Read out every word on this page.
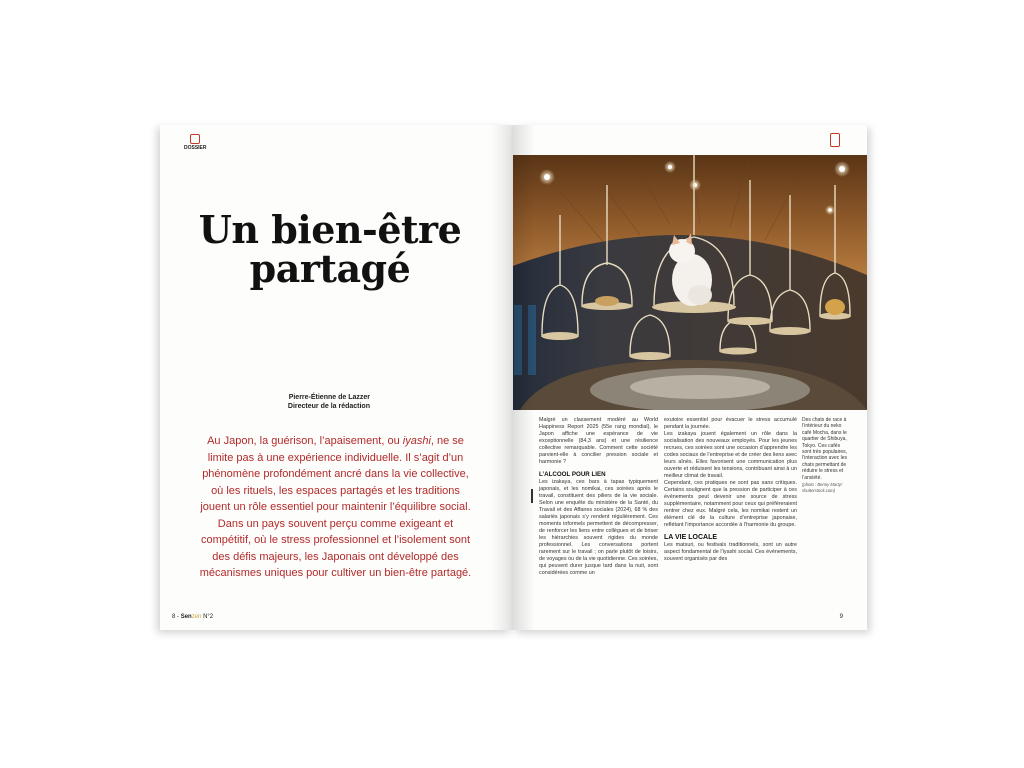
DOSSIER
Un bien-être
partagé
Pierre-Étienne de Lazzer
Directeur de la rédaction

Au Japon, la guérison, l’apaisement, ou iyashi, ne se limite pas à une expérience individuelle. Il s’agit d’un phénomène profondément ancré dans la vie collective, où les rituels, les espaces partagés et les traditions jouent un rôle essentiel pour maintenir l’équilibre social. Dans un pays souvent perçu comme exigeant et compétitif, où le stress professionnel et l’isolement sont des défis majeurs, les Japonais ont développé des mécanismes uniques pour cultiver un bien-être partagé.

8 - Senzen N°2

Malgré un classement modéré au World Happiness Report 2025 (55e rang mondial), le Japon affiche une espérance de vie exceptionnelle (84,3 ans) et une résilience collective remarquable. Comment cette société parvient-elle à concilier pression sociale et harmonie ?

L’ALCOOL POUR LIEN

Les izakaya, ces bars à tapas typiquement japonais, et les nomikai, ces soirées après le travail, constituent des piliers de la vie sociale. Selon une enquête du ministère de la Santé, du Travail et des Affaires sociales (2024), 68 % des salariés japonais s’y rendent régulièrement. Ces moments informels permettent de décompresser, de renforcer les liens entre collègues et de briser les hiérarchies souvent rigides du monde professionnel. Les conversations portent rarement sur le travail ; on parle plutôt de loisirs, de voyages ou de la vie quotidienne. Ces soirées, qui peuvent durer jusque tard dans la nuit, sont considérées comme un

exutoire essentiel pour évacuer le stress accumulé pendant la journée.

Les izakaya jouent également un rôle dans la socialisation des nouveaux employés. Pour les jeunes recrues, ces soirées sont une occasion d’apprendre les codes sociaux de l’entreprise et de créer des liens avec leurs aînés. Elles favorisent une communication plus ouverte et réduisent les tensions, contribuant ainsi à un meilleur climat de travail.

Cependant, ces pratiques ne sont pas sans critiques. Certains soulignent que la pression de participer à ces événements peut devenir une source de stress supplémentaire, notamment pour ceux qui préféreraient rentrer chez eux. Malgré cela, les nomikai restent un élément clé de la culture d’entreprise japonaise, reflétant l’importance accordée à l’harmonie du groupe.

LA VIE LOCALE

Les matsuri, ou festivals traditionnels, sont un autre aspect fondamental de l’iyashi social. Ces événements, souvent organisés par des

Des chats de race à l’intérieur du neko café Mocha, dans le quartier de Shibuya, Tokyo. Ces cafés sont très populaires, l’interaction avec les chats permettant de réduire le stress et l’anxiété.

(photo : Benny Marty/ shutterstock.com)

9
